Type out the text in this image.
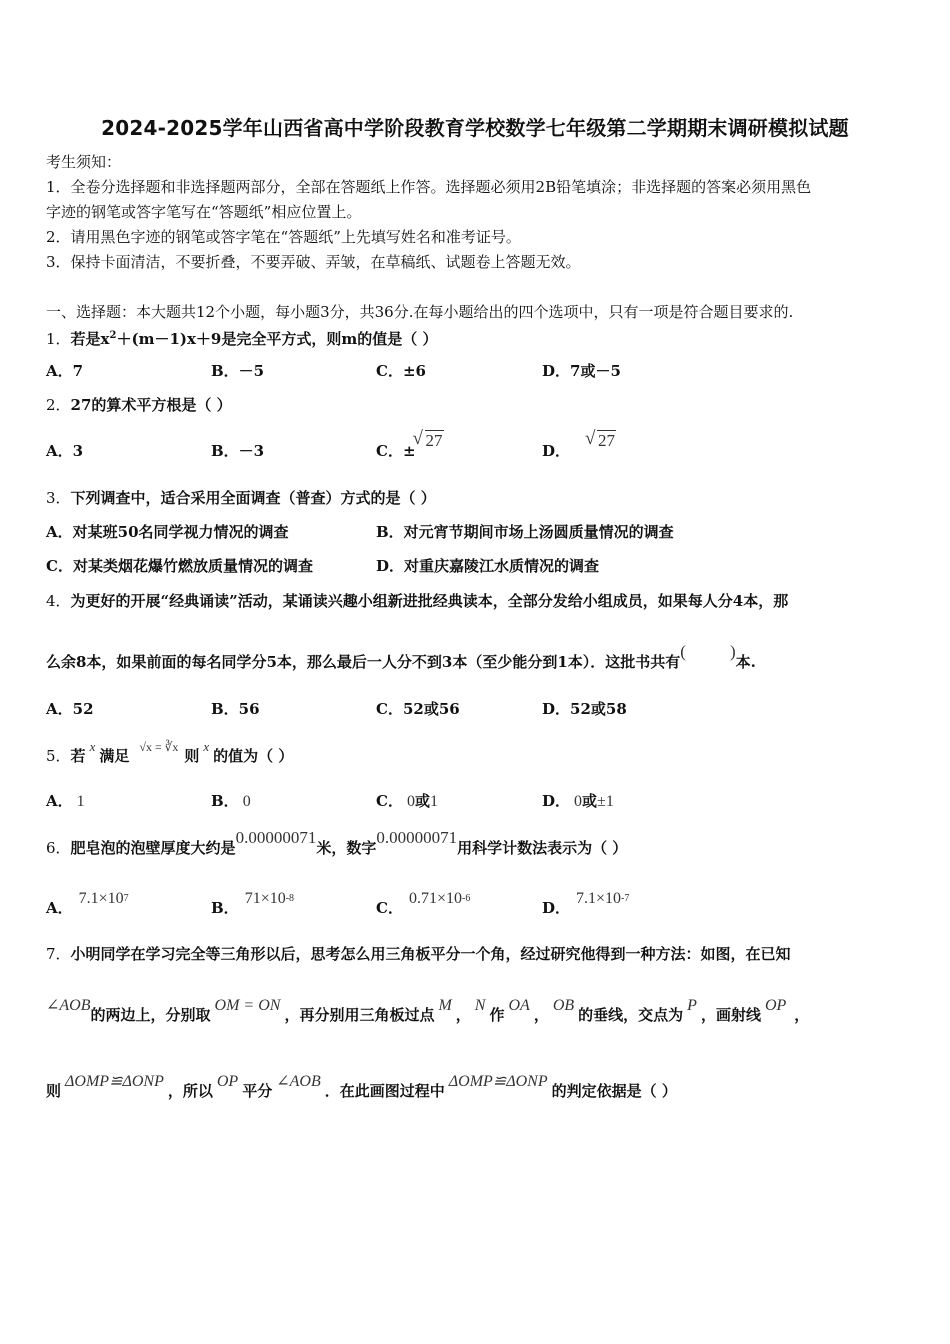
2024-2025学年山西省高中学阶段教育学校数学七年级第二学期期末调研模拟试题
考生须知：
1．全卷分选择题和非选择题两部分，全部在答题纸上作答。选择题必须用2B铅笔填涂；非选择题的答案必须用黑色
字迹的钢笔或答字笔写在“答题纸”相应位置上。
2．请用黑色字迹的钢笔或答字笔在“答题纸”上先填写姓名和准考证号。
3．保持卡面清洁，不要折叠，不要弄破、弄皱，在草稿纸、试题卷上答题无效。
一、选择题：本大题共12个小题，每小题3分，共36分.在每小题给出的四个选项中，只有一项是符合题目要求的.
1．若是$x^2+(m-1)x+9$是完全平方式，则m的值是（ ）
A．7	B．－5	C．±6	D．7或－5
2．27的算术平方根是（ ）
A．3	B．－3	C．±√ 27
D．√ 27
3．下列调查中，适合采用全面调查（普查）方式的是（ ）
A．对某班50名同学视力情况的调查	B．对元宵节期间市场上汤圆质量情况的调查
C．对某类烟花爆竹燃放质量情况的调查	D．对重庆嘉陵江水质情况的调查
4．为更好的开展“经典诵读”活动，某诵读兴趣小组新进批经典读本，全部分发给小组成员，如果每人分4本，那
么余8本，如果前面的每名同学分5本，那么最后一人分不到3本（至少能分到1本）．这批书共有(	)本.
A．52	B．56	C．52或56	D．52或58
5．若x满足 $^{√x = ∛x}$ 则x的值为（ ）
A． 1	B． 0	C． 0或1	D． 0或±1
6．肥皂泡的泡壁厚度大约是0.00000071米，数字0.00000071用科学计数法表示为（ ）
A．$7.1\times 10^7$
B．$71\times 10^{-8}$
C．$0.71\times 10^{-6}$
D．$7.1\times 10^{-7}$
7．小明同学在学习完全等三角形以后，思考怎么用三角板平分一个角，经过研究他得到一种方法：如图，在已知
∠AOB的两边上，分别取OM = ON，再分别用三角板过点M，N作OA，OB的垂线，交点为P，画射线OP，
则ΔOMP≌ΔONP，所以OP平分∠AOB．在此画图过程中ΔOMP≌ΔONP的判定依据是（ ）
